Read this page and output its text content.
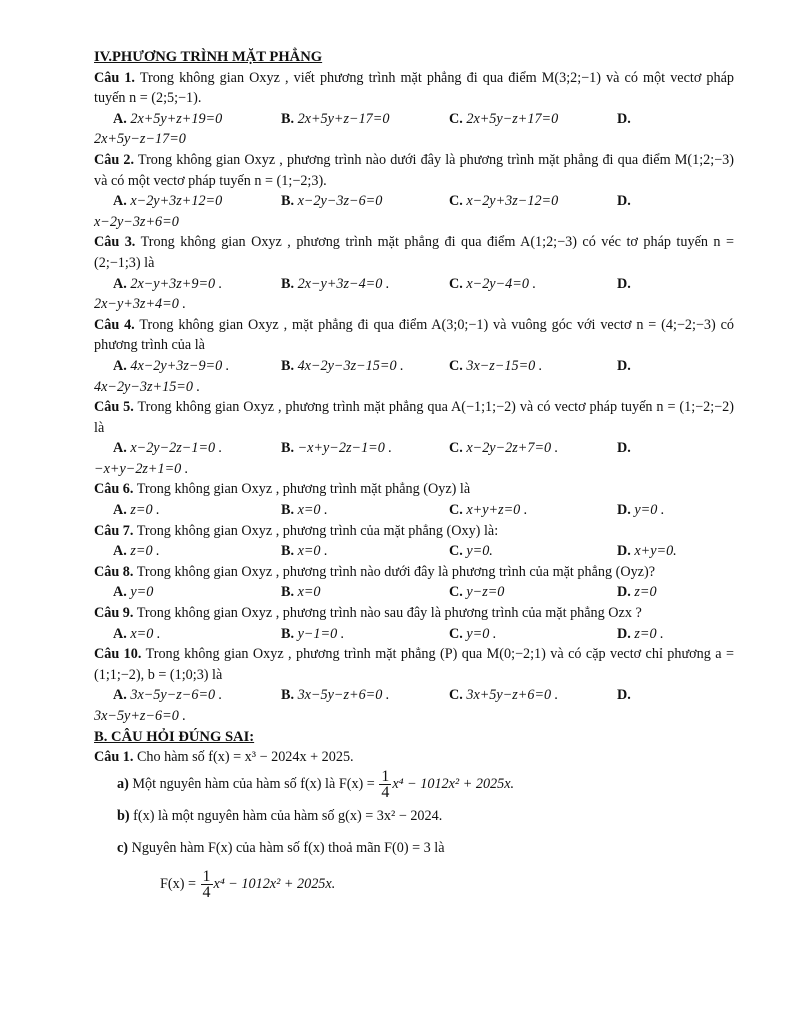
IV.PHƯƠNG TRÌNH MẶT PHẲNG
Câu 1. Trong không gian Oxyz , viết phương trình mặt phẳng đi qua điểm M(3;2;−1) và có một vectơ pháp tuyến n = (2;5;−1).
A. 2x+5y+z+19=0	B. 2x+5y+z−17=0	C. 2x+5y−z+17=0	D.
2x+5y−z−17=0
Câu 2. Trong không gian Oxyz , phương trình nào dưới đây là phương trình mặt phẳng đi qua điểm M(1;2;−3) và có một vectơ pháp tuyến n = (1;−2;3).
A. x−2y+3z+12=0	B. x−2y−3z−6=0	C. x−2y+3z−12=0	D.
x−2y−3z+6=0
Câu 3. Trong không gian Oxyz , phương trình mặt phẳng đi qua điểm A(1;2;−3) có véc tơ pháp tuyến n = (2;−1;3) là
A. 2x−y+3z+9=0 .	B. 2x−y+3z−4=0 .	C. x−2y−4=0 .	D.
2x−y+3z+4=0 .
Câu 4. Trong không gian Oxyz , mặt phẳng đi qua điểm A(3;0;−1) và vuông góc với vectơ n = (4;−2;−3) có phương trình của là
A. 4x−2y+3z−9=0 .	B. 4x−2y−3z−15=0 .	C. 3x−z−15=0 .	D.
4x−2y−3z+15=0 .
Câu 5. Trong không gian Oxyz , phương trình mặt phẳng qua A(−1;1;−2) và có vectơ pháp tuyến n = (1;−2;−2) là
A. x−2y−2z−1=0 .	B. −x+y−2z−1=0 .	C. x−2y−2z+7=0 .	D.
−x+y−2z+1=0 .
Câu 6. Trong không gian Oxyz , phương trình mặt phẳng (Oyz) là
A. z=0 .	B. x=0 .	C. x+y+z=0 .	D. y=0 .
Câu 7. Trong không gian Oxyz , phương trình của mặt phẳng (Oxy) là:
A. z=0 .	B. x=0 .	C. y=0.	D. x+y=0.
Câu 8. Trong không gian Oxyz , phương trình nào dưới đây là phương trình của mặt phẳng (Oyz)?
A. y=0	B. x=0	C. y−z=0	D. z=0
Câu 9. Trong không gian Oxyz , phương trình nào sau đây là phương trình của mặt phẳng Ozx ?
A. x=0 .	B. y−1=0 .	C. y=0 .	D. z=0 .
Câu 10. Trong không gian Oxyz , phương trình mặt phẳng (P) qua M(0;−2;1) và có cặp vectơ chỉ phương a = (1;1;−2), b = (1;0;3) là
A. 3x−5y−z−6=0 .	B. 3x−5y−z+6=0 .	C. 3x+5y−z+6=0 .	D.
3x−5y+z−6=0 .
B. CÂU HỎI ĐÚNG SAI:
Câu 1. Cho hàm số f(x) = x³ − 2024x + 2025.
a) Một nguyên hàm của hàm số f(x) là $F(x) = \frac{1}{4} x^4 - 1012x^2 + 2025x$.
b) f(x) là một nguyên hàm của hàm số g(x) = 3x² − 2024.
c) Nguyên hàm F(x) của hàm số f(x) thoả mãn F(0) = 3 là
$F(x) = \frac{1}{4} x^4 - 1012x^2 + 2025x$.
